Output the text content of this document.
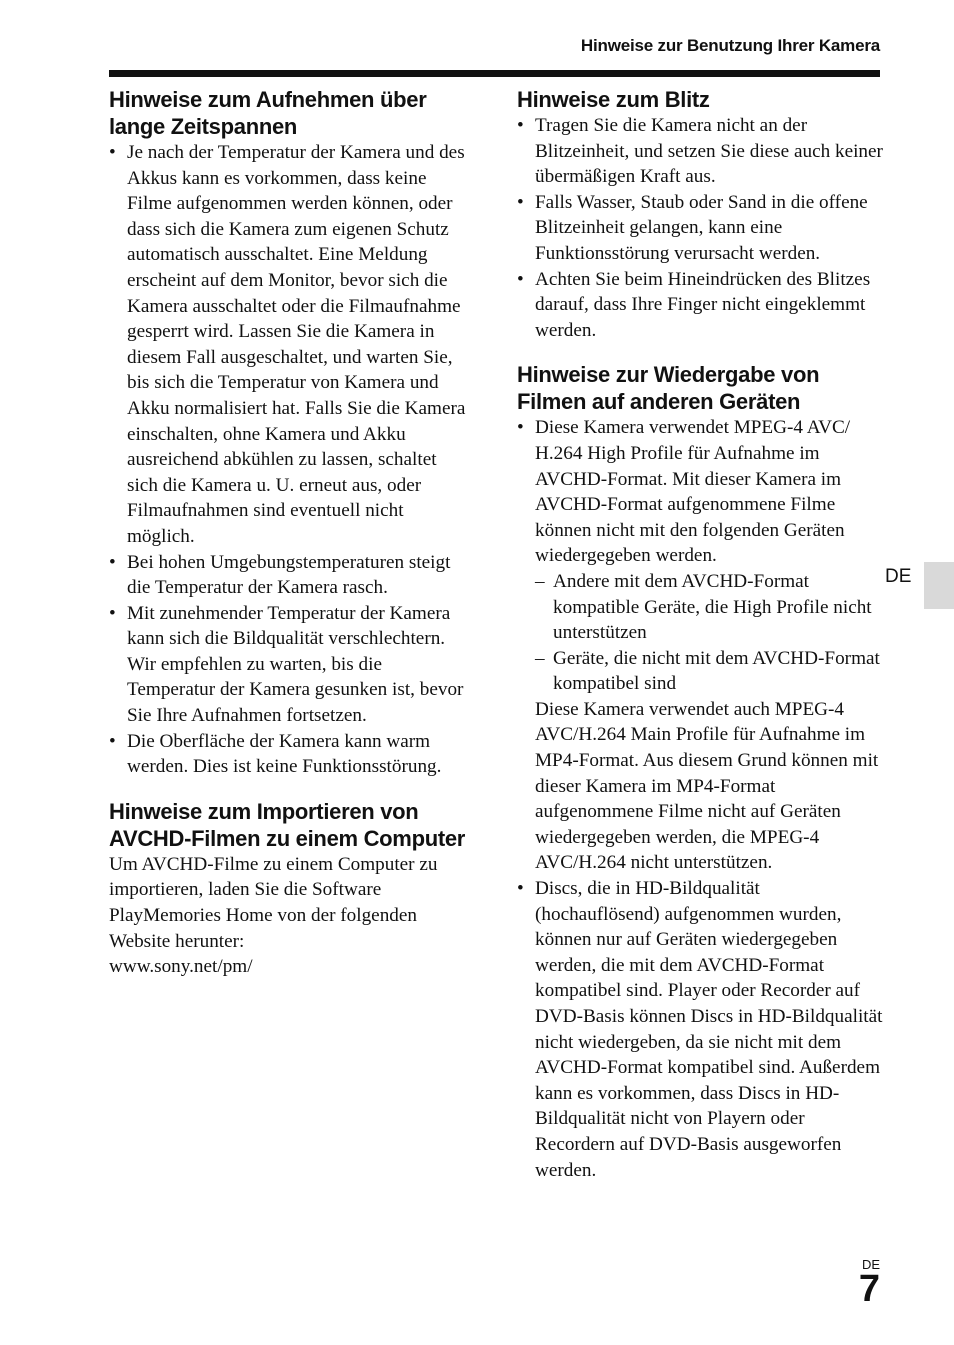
Hinweise zur Benutzung Ihrer Kamera
Hinweise zum Aufnehmen über lange Zeitspannen
• Je nach der Temperatur der Kamera und des Akkus kann es vorkommen, dass keine Filme aufgenommen werden können, oder dass sich die Kamera zum eigenen Schutz automatisch ausschaltet. Eine Meldung erscheint auf dem Monitor, bevor sich die Kamera ausschaltet oder die Filmaufnahme gesperrt wird. Lassen Sie die Kamera in diesem Fall ausgeschaltet, und warten Sie, bis sich die Temperatur von Kamera und Akku normalisiert hat. Falls Sie die Kamera einschalten, ohne Kamera und Akku ausreichend abkühlen zu lassen, schaltet sich die Kamera u. U. erneut aus, oder Filmaufnahmen sind eventuell nicht möglich.
• Bei hohen Umgebungstemperaturen steigt die Temperatur der Kamera rasch.
• Mit zunehmender Temperatur der Kamera kann sich die Bildqualität verschlechtern. Wir empfehlen zu warten, bis die Temperatur der Kamera gesunken ist, bevor Sie Ihre Aufnahmen fortsetzen.
• Die Oberfläche der Kamera kann warm werden. Dies ist keine Funktionsstörung.
Hinweise zum Importieren von AVCHD-Filmen zu einem Computer

Um AVCHD-Filme zu einem Computer zu importieren, laden Sie die Software PlayMemories Home von der folgenden Website herunter:

www.sony.net/pm/

Hinweise zum Blitz
• Tragen Sie die Kamera nicht an der Blitzeinheit, und setzen Sie diese auch keiner übermäßigen Kraft aus.
• Falls Wasser, Staub oder Sand in die offene Blitzeinheit gelangen, kann eine Funktionsstörung verursacht werden.
• Achten Sie beim Hineindrücken des Blitzes darauf, dass Ihre Finger nicht eingeklemmt werden.
Hinweise zur Wiedergabe von Filmen auf anderen Geräten
• Diese Kamera verwendet MPEG-4 AVC/ H.264 High Profile für Aufnahme im AVCHD-Format. Mit dieser Kamera im AVCHD-Format aufgenommene Filme können nicht mit den folgenden Geräten wiedergegeben werden.
– Andere mit dem AVCHD-Format kompatible Geräte, die High Profile nicht unterstützen
– Geräte, die nicht mit dem AVCHD-Format kompatibel sind

Diese Kamera verwendet auch MPEG-4 AVC/H.264 Main Profile für Aufnahme im MP4-Format. Aus diesem Grund können mit dieser Kamera im MP4-Format aufgenommene Filme nicht auf Geräten wiedergegeben werden, die MPEG-4 AVC/H.264 nicht unterstützen.

• Discs, die in HD-Bildqualität (hochauflösend) aufgenommen wurden, können nur auf Geräten wiedergegeben werden, die mit dem AVCHD-Format kompatibel sind. Player oder Recorder auf DVD-Basis können Discs in HD-Bildqualität nicht wiedergeben, da sie nicht mit dem AVCHD-Format kompatibel sind. Außerdem kann es vorkommen, dass Discs in HD-Bildqualität nicht von Playern oder Recordern auf DVD-Basis ausgeworfen werden.
DE
DE
7
